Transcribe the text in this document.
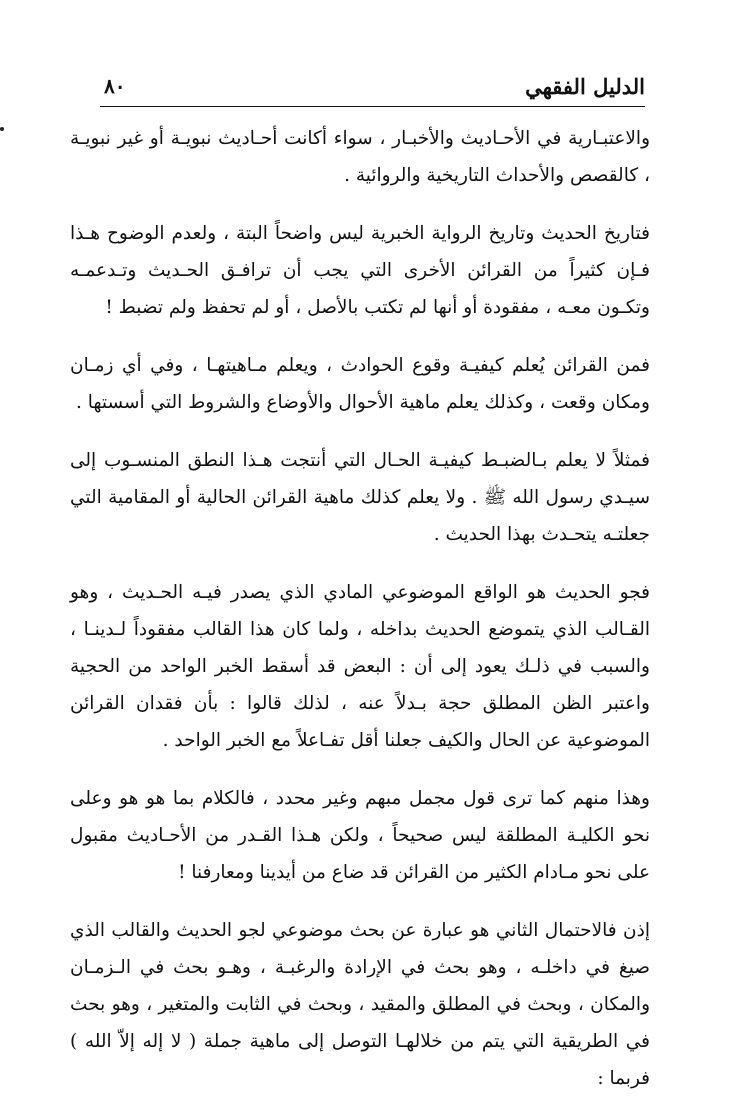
الدليل الفقهي
٨٠

والاعتبـارية في الأحـاديث والأخبـار ، سواء أكانت أحـاديث نبويـة أو غير نبويـة ، كالقصص والأحداث التاريخية والروائية .

فتاريخ الحديث وتاريخ الرواية الخبرية ليس واضحاً البتة ، ولعدم الوضوح هـذا فـإن كثيراً من القرائن الأخرى التي يجب أن ترافـق الحـديث وتـدعمـه وتكـون معـه ، مفقودة أو أنها لم تكتب بالأصل ، أو لم تحفظ ولم تضبط !

فمن القرائن يُعلم كيفيـة وقوع الحوادث ، ويعلم مـاهيتهـا ، وفي أي زمـان ومكان وقعت ، وكذلك يعلم ماهية الأحوال والأوضاع والشروط التي أسستها .

فمثلاً لا يعلم بـالضبـط كيفيـة الحـال التي أنتجت هـذا النطق المنسـوب إلى سيـدي رسول الله ﷺ . ولا يعلم كذلك ماهية القرائن الحالية أو المقامية التي جعلتـه يتحـدث بهذا الحديث .

فجو الحديث هو الواقع الموضوعي المادي الذي يصدر فيـه الحـديث ، وهو القـالب الذي يتموضع الحديث بداخله ، ولما كان هذا القالب مفقوداً لـدينـا ، والسبب في ذلـك يعود إلى أن : البعض قد أسقط الخبر الواحد من الحجية واعتبر الظن المطلق حجة بـدلاً عنه ، لذلك قالوا : بأن فقدان القرائن الموضوعية عن الحال والكيف جعلنا أقل تفـاعلاً مع الخبر الواحد .

وهذا منهم كما ترى قول مجمل مبهم وغير محدد ، فالكلام بما هو هو وعلى نحو الكليـة المطلقة ليس صحيحاً ، ولكن هـذا القـدر من الأحـاديث مقبول على نحو مـادام الكثير من القرائن قد ضاع من أيدينا ومعارفنا !

إذن فالاحتمال الثاني هو عبارة عن بحث موضوعي لجو الحديث والقالب الذي صيغ في داخلـه ، وهو بحث في الإرادة والرغبـة ، وهـو بحث في الـزمـان والمكان ، وبحث في المطلق والمقيد ، وبحث في الثابت والمتغير ، وهو بحث في الطريقية التي يتم من خلالهـا التوصل إلى ماهية جملة ( لا إله إلاّ الله ) فربما :
